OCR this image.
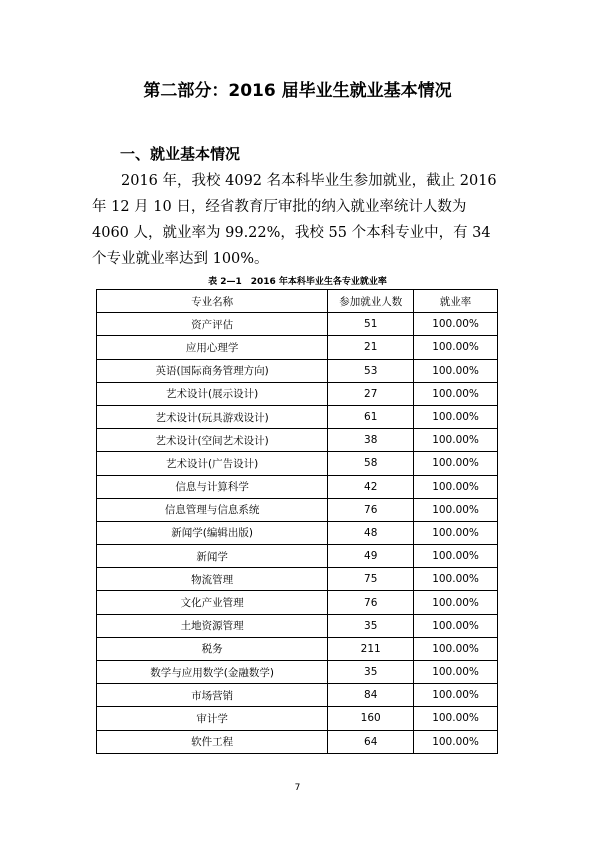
第二部分：2016 届毕业生就业基本情况
一、就业基本情况
2016 年，我校 4092 名本科毕业生参加就业，截止 2016
年 12 月 10 日，经省教育厅审批的纳入就业率统计人数为
4060 人，就业率为 99.22%，我校 55 个本科专业中，有 34
个专业就业率达到 100%。
表 2—1　2016 年本科毕业生各专业就业率
专业名称	参加就业人数	就业率
资产评估	51	100.00%
应用心理学	21	100.00%
英语(国际商务管理方向)	53	100.00%
艺术设计(展示设计)	27	100.00%
艺术设计(玩具游戏设计)	61	100.00%
艺术设计(空间艺术设计)	38	100.00%
艺术设计(广告设计)	58	100.00%
信息与计算科学	42	100.00%
信息管理与信息系统	76	100.00%
新闻学(编辑出版)	48	100.00%
新闻学	49	100.00%
物流管理	75	100.00%
文化产业管理	76	100.00%
土地资源管理	35	100.00%
税务	211	100.00%
数学与应用数学(金融数学)	35	100.00%
市场营销	84	100.00%
审计学	160	100.00%
软件工程	64	100.00%
7
